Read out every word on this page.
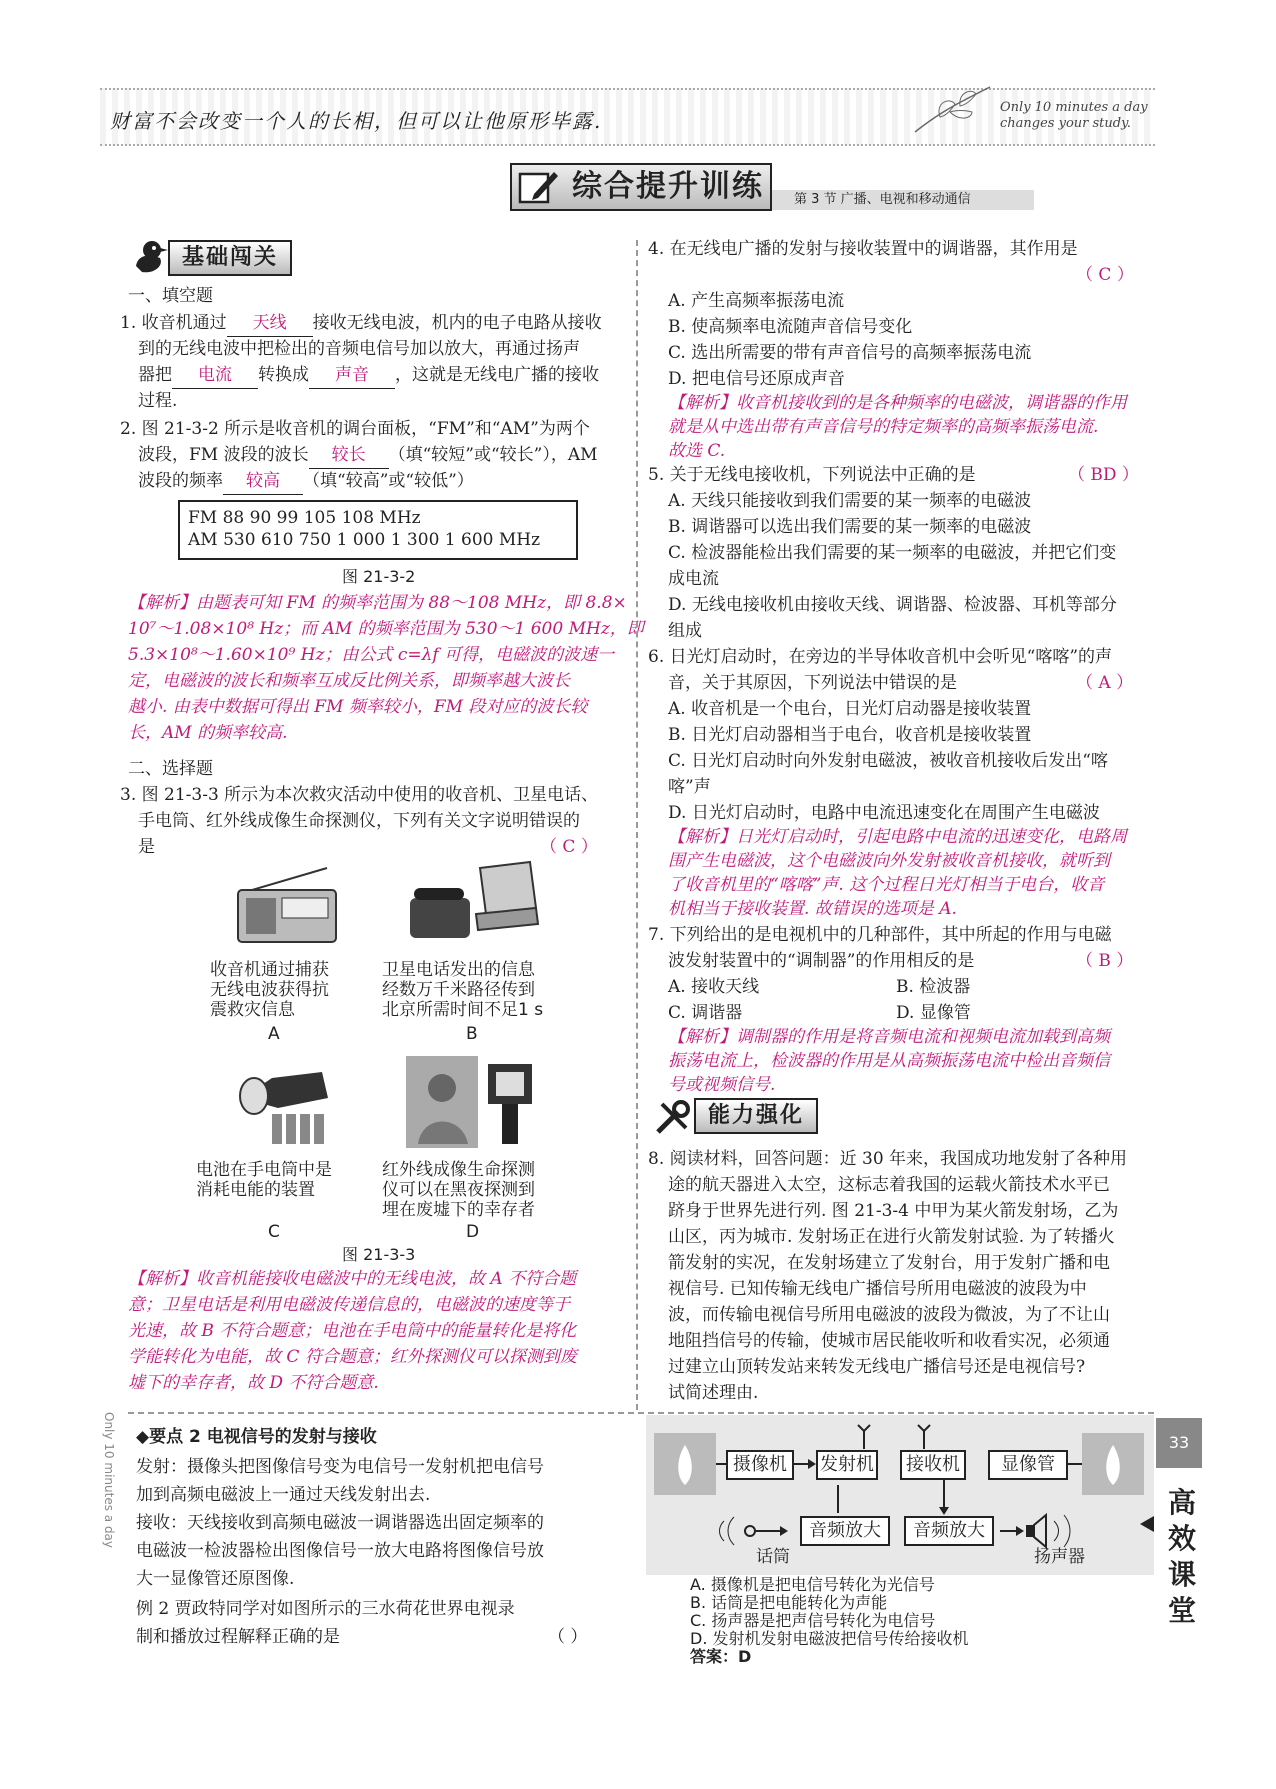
财富不会改变一个人的长相，但可以让他原形毕露.
Only 10 minutes a day
changes your study.
综合提升训练	第 3 节 广播、电视和移动通信
基础闯关
一、填空题
1. 收音机通过 天线 接收无线电波，机内的电子电路从接收
到的无线电波中把检出的音频电信号加以放大，再通过扬声
器把 电流 转换成 声音 ，这就是无线电广播的接收
过程.
2. 图 21-3-2 所示是收音机的调台面板，“FM”和“AM”为两个
波段，FM 波段的波长 较长 （填“较短”或“较长”），AM
波段的频率 较高 （填“较高”或“较低”）
FM 88 90 99 105 108 MHz
AM 530 610 750 1 000 1 300 1 600 MHz
图 21-3-2
【解析】由题表可知 FM 的频率范围为 88～108 MHz，即 8.8×
10⁷～1.08×10⁸ Hz；而 AM 的频率范围为 530～1 600 MHz，即
5.3×10⁸～1.60×10⁹ Hz；由公式 c=λf 可得，电磁波的波速一
定，电磁波的波长和频率互成反比例关系，即频率越大波长
越小. 由表中数据可得出 FM 频率较小，FM 段对应的波长较
长，AM 的频率较高.
二、选择题
3. 图 21-3-3 所示为本次救灾活动中使用的收音机、卫星电话、
手电筒、红外线成像生命探测仪，下列有关文字说明错误的
是	（ C ）
收音机通过捕获
无线电波获得抗
震救灾信息
A
卫星电话发出的信息
经数万千米路径传到
北京所需时间不足1 s
B
电池在手电筒中是
消耗电能的装置
C
红外线成像生命探测
仪可以在黑夜探测到
埋在废墟下的幸存者
D
图 21-3-3
【解析】收音机能接收电磁波中的无线电波，故 A 不符合题
意；卫星电话是利用电磁波传递信息的，电磁波的速度等于
光速，故 B 不符合题意；电池在手电筒中的能量转化是将化
学能转化为电能，故 C 符合题意；红外探测仪可以探测到废
墟下的幸存者，故 D 不符合题意.
4. 在无线电广播的发射与接收装置中的调谐器，其作用是
（ C ）
A. 产生高频率振荡电流
B. 使高频率电流随声音信号变化
C. 选出所需要的带有声音信号的高频率振荡电流
D. 把电信号还原成声音
【解析】收音机接收到的是各种频率的电磁波，调谐器的作用
就是从中选出带有声音信号的特定频率的高频率振荡电流.
故选 C.
5. 关于无线电接收机，下列说法中正确的是	（ BD ）
A. 天线只能接收到我们需要的某一频率的电磁波
B. 调谐器可以选出我们需要的某一频率的电磁波
C. 检波器能检出我们需要的某一频率的电磁波，并把它们变
成电流
D. 无线电接收机由接收天线、调谐器、检波器、耳机等部分
组成
6. 日光灯启动时，在旁边的半导体收音机中会听见“喀喀”的声
音，关于其原因，下列说法中错误的是	（ A ）
A. 收音机是一个电台，日光灯启动器是接收装置
B. 日光灯启动器相当于电台，收音机是接收装置
C. 日光灯启动时向外发射电磁波，被收音机接收后发出“喀
喀”声
D. 日光灯启动时，电路中电流迅速变化在周围产生电磁波
【解析】日光灯启动时，引起电路中电流的迅速变化，电路周
围产生电磁波，这个电磁波向外发射被收音机接收，就听到
了收音机里的“喀喀”声. 这个过程日光灯相当于电台，收音
机相当于接收装置. 故错误的选项是 A.
7. 下列给出的是电视机中的几种部件，其中所起的作用与电磁
波发射装置中的“调制器”的作用相反的是	（ B ）
A. 接收天线	B. 检波器
C. 调谐器	D. 显像管
【解析】调制器的作用是将音频电流和视频电流加载到高频
振荡电流上，检波器的作用是从高频振荡电流中检出音频信
号或视频信号.
能力强化
8. 阅读材料，回答问题：近 30 年来，我国成功地发射了各种用
途的航天器进入太空，这标志着我国的运载火箭技术水平已
跻身于世界先进行列. 图 21-3-4 中甲为某火箭发射场，乙为
山区，丙为城市. 发射场正在进行火箭发射试验. 为了转播火
箭发射的实况，在发射场建立了发射台，用于发射广播和电
视信号. 已知传输无线电广播信号所用电磁波的波段为中
波，而传输电视信号所用电磁波的波段为微波，为了不让山
地阻挡信号的传输，使城市居民能收听和收看实况，必须通
过建立山顶转发站来转发无线电广播信号还是电视信号?
试简述理由.
Only 10 minutes a day	◆要点 2 电视信号的发射与接收
发射：摄像头把图像信号变为电信号一发射机把电信号
加到高频电磁波上一通过天线发射出去.
接收：天线接收到高频电磁波一调谐器选出固定频率的
电磁波一检波器检出图像信号一放大电路将图像信号放
大一显像管还原图像.
例 2 贾政特同学对如图所示的三水荷花世界电视录
制和播放过程解释正确的是	（ ）
摄像机	发射机	接收机	显像管
音频放大	音频放大
话筒	扬声器
A. 摄像机是把电信号转化为光信号
B. 话筒是把电能转化为声能
C. 扬声器是把声信号转化为电信号
D. 发射机发射电磁波把信号传给接收机
答案：D
33
高
效
课
堂
